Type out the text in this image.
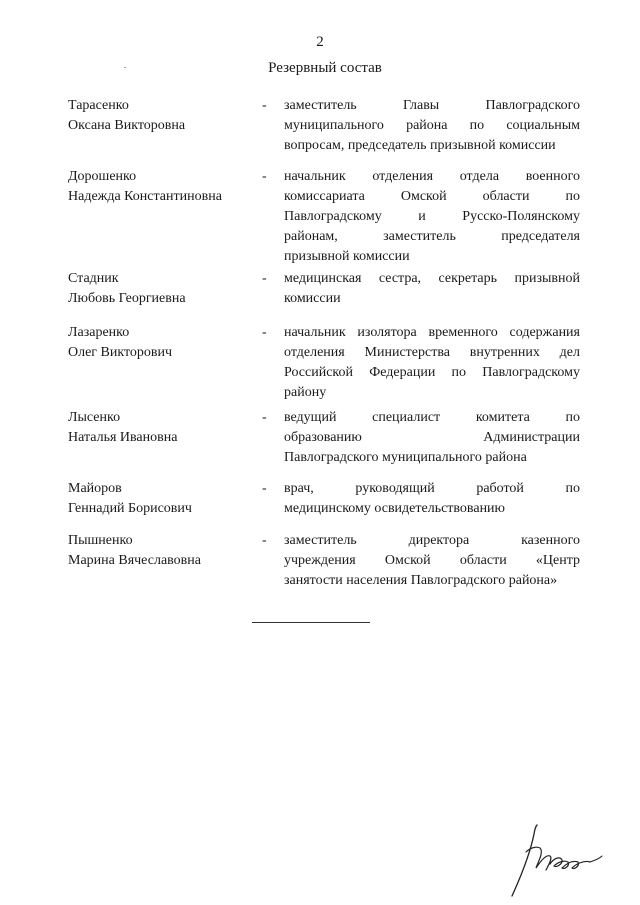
2
Резервный состав
Тарасенко
Оксана Викторовна
- заместитель Главы Павлоградского
муниципального района по социальным
вопросам, председатель призывной комиссии
Дорошенко
Надежда Константиновна
- начальник отделения отдела военного
комиссариата Омской области по
Павлоградскому и Русско-Полянскому
районам, заместитель председателя
призывной комиссии
Стадник
Любовь Георгиевна
- медицинская сестра, секретарь призывной
комиссии
Лазаренко
Олег Викторович
- начальник изолятора временного содержания
отделения Министерства внутренних дел
Российской Федерации по Павлоградскому
району
Лысенко
Наталья Ивановна
- ведущий специалист комитета по
образованию Администрации
Павлоградского муниципального района
Майоров
Геннадий Борисович
- врач, руководящий работой по
медицинскому освидетельствованию
Пышненко
Марина Вячеславовна
- заместитель директора казенного
учреждения Омской области «Центр
занятости населения Павлоградского района»
